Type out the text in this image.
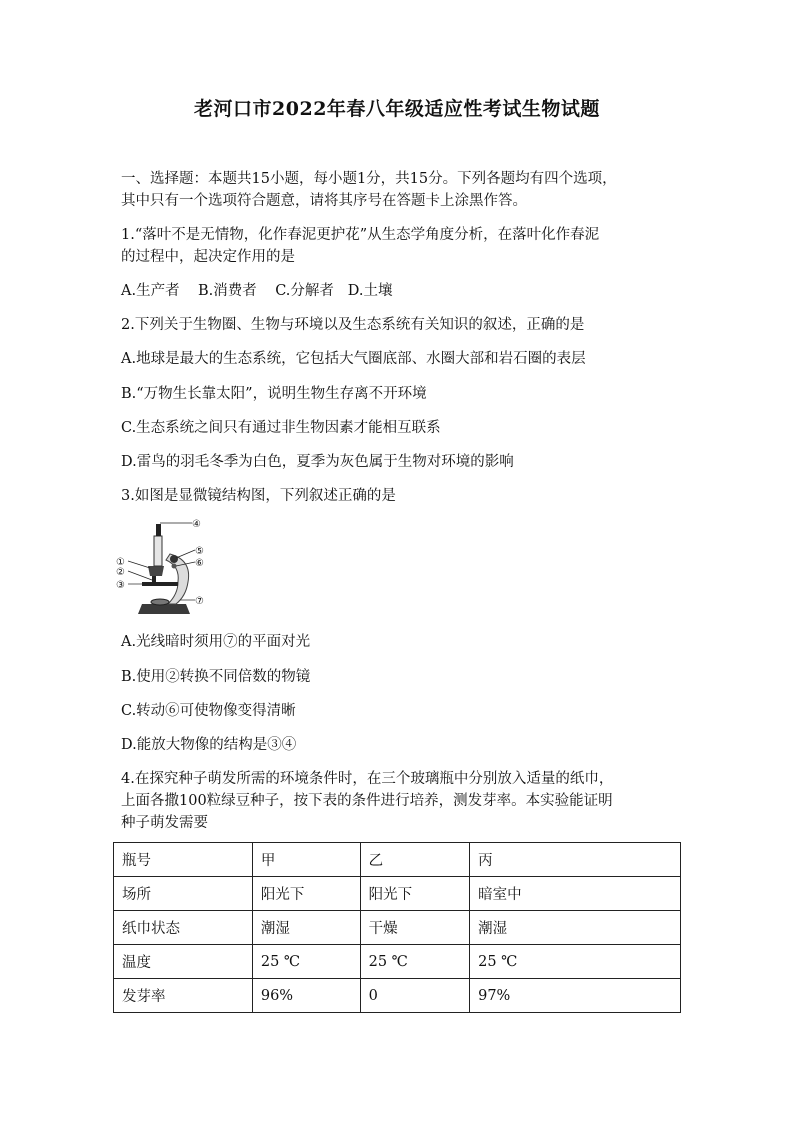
老河口市2022年春八年级适应性考试生物试题
一、选择题：本题共15小题，每小题1分，共15分。下列各题均有四个选项，
其中只有一个选项符合题意，请将其序号在答题卡上涂黑作答。
1.“落叶不是无情物，化作春泥更护花”从生态学角度分析，在落叶化作春泥
的过程中，起决定作用的是
A.生产者    B.消费者    C.分解者   D.土壤
2.下列关于生物圈、生物与环境以及生态系统有关知识的叙述，正确的是
A.地球是最大的生态系统，它包括大气圈底部、水圈大部和岩石圈的表层
B.“万物生长靠太阳”，说明生物生存离不开环境
C.生态系统之间只有通过非生物因素才能相互联系
D.雷鸟的羽毛冬季为白色，夏季为灰色属于生物对环境的影响
3.如图是显微镜结构图，下列叙述正确的是
④
⑤
⑥
①
②
③
⑦
A.光线暗时须用⑦的平面对光
B.使用②转换不同倍数的物镜
C.转动⑥可使物像变得清晰
D.能放大物像的结构是③④
4.在探究种子萌发所需的环境条件时，在三个玻璃瓶中分别放入适量的纸巾，
上面各撒100粒绿豆种子，按下表的条件进行培养，测发芽率。本实验能证明
种子萌发需要
瓶号	甲	乙	丙
场所	阳光下	阳光下	暗室中
纸巾状态	潮湿	干燥	潮湿
温度	25 ℃	25 ℃	25 ℃
发芽率	96%	0	97%
